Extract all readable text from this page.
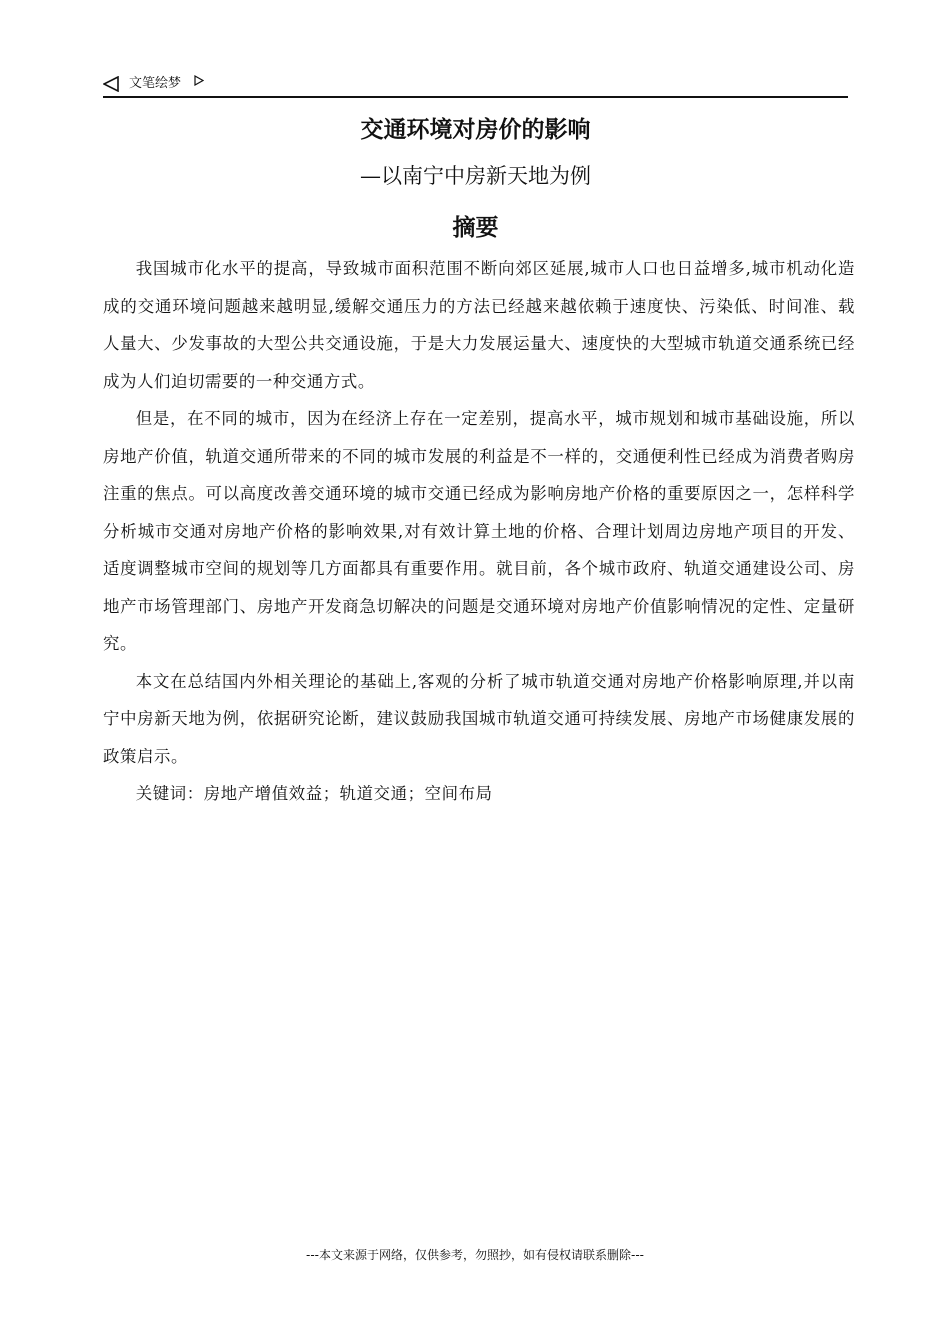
文笔绘梦
交通环境对房价的影响
—以南宁中房新天地为例
摘要

我国城市化水平的提高，导致城市面积范围不断向郊区延展,城市人口也日益增多,城市机动化造成的交通环境问题越来越明显,缓解交通压力的方法已经越来越依赖于速度快、污染低、时间准、载人量大、少发事故的大型公共交通设施，于是大力发展运量大、速度快的大型城市轨道交通系统已经成为人们迫切需要的一种交通方式。

但是，在不同的城市，因为在经济上存在一定差别，提高水平，城市规划和城市基础设施，所以房地产价值，轨道交通所带来的不同的城市发展的利益是不一样的，交通便利性已经成为消费者购房注重的焦点。可以高度改善交通环境的城市交通已经成为影响房地产价格的重要原因之一，怎样科学分析城市交通对房地产价格的影响效果,对有效计算土地的价格、合理计划周边房地产项目的开发、适度调整城市空间的规划等几方面都具有重要作用。就目前，各个城市政府、轨道交通建设公司、房地产市场管理部门、房地产开发商急切解决的问题是交通环境对房地产价值影响情况的定性、定量研究。

本文在总结国内外相关理论的基础上,客观的分析了城市轨道交通对房地产价格影响原理,并以南宁中房新天地为例，依据研究论断，建议鼓励我国城市轨道交通可持续发展、房地产市场健康发展的政策启示。

关键词：房地产增值效益；轨道交通；空间布局

---本文来源于网络，仅供参考，勿照抄，如有侵权请联系删除---
